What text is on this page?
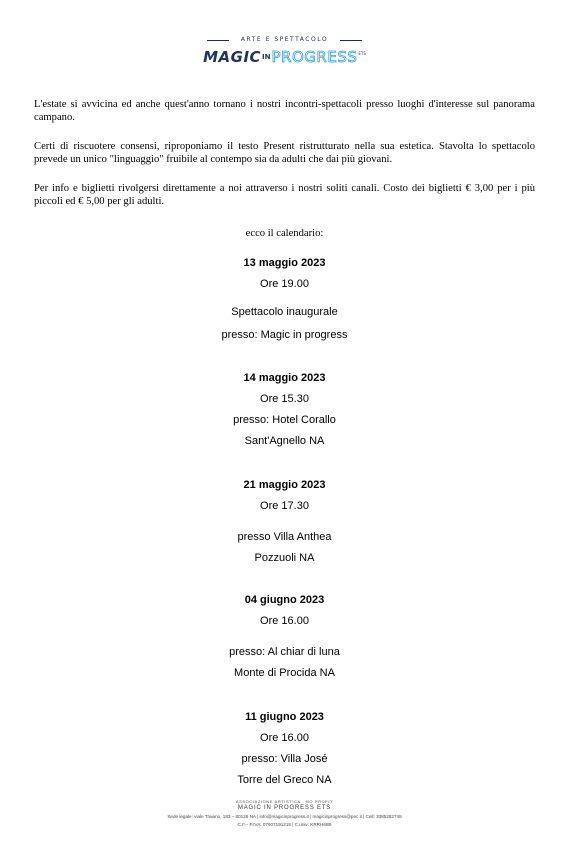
ARTE E SPETTACOLO
$MAGICINPROGRESS^{ETS}$
L'estate si avvicina ed anche quest'anno tornano i nostri incontri-spettacoli presso luoghi d'interesse sul panorama campano.
Certi di riscuotere consensi, riproponiamo il testo Present ristrutturato nella sua estetica. Stavolta lo spettacolo prevede un unico "linguaggio" fruibile al contempo sia da adulti che dai più giovani.
Per info e biglietti rivolgersi direttamente a noi attraverso i nostri soliti canali. Costo dei biglietti € 3,00 per i più piccoli ed € 5,00 per gli adulti.
ecco il calendario:
13 maggio 2023
Ore 19.00
Spettacolo inaugurale
presso: Magic in progress
14 maggio 2023
Ore 15.30
presso: Hotel Corallo
Sant'Agnello NA
21 maggio 2023
Ore 17.30
presso Villa Anthea
Pozzuoli NA
04 giugno 2023
Ore 16.00
presso: Al chiar di luna
Monte di Procida NA
11 giugno 2023
Ore 16.00
presso: Villa José
Torre del Greco NA
ASSOCIAZIONE ARTISTICA - NO PROFIT
MAGIC IN PROGRESS ETS
Sede legale: viale Traiano, 183 – 80126 NA | info@magicinprogress.it | magicinprogress@pec.it | Cell: 3385282749
C.F.– P.IVA: 07607191215 | C.univ: KRRH6B9
